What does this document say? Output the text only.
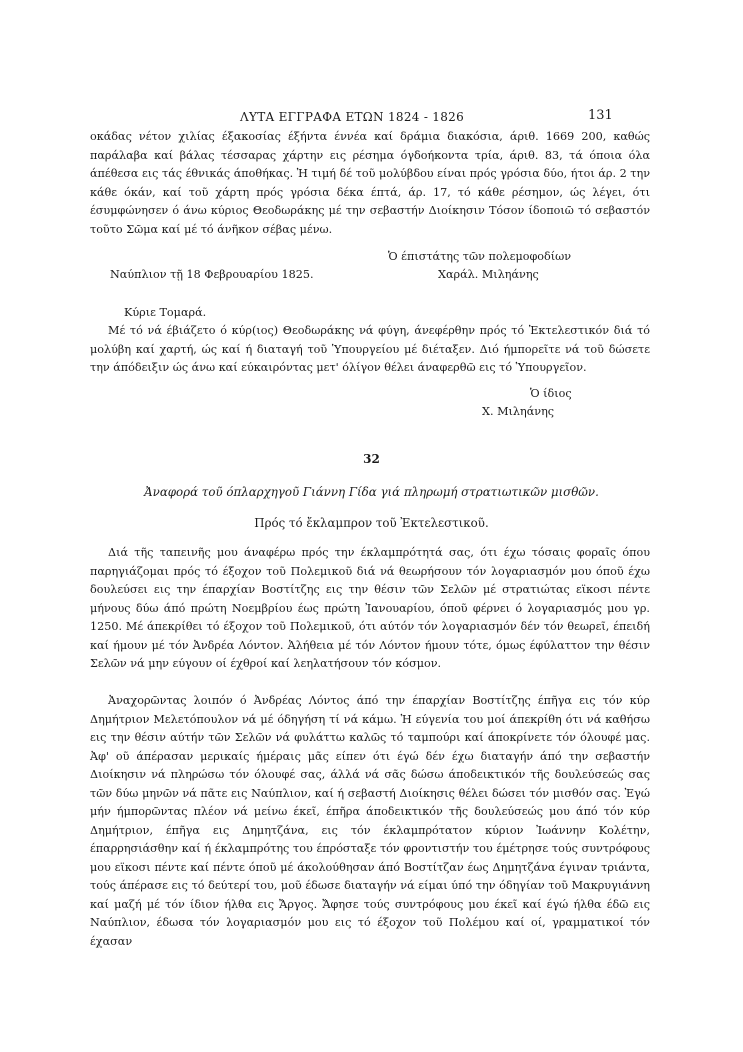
ΛΥΤΑ ΕΓΓΡΑΦΑ ΕΤΩΝ 1824 - 1826	131

οκάδας νέτον χιλίας έξακοσίας έξήντα έννέα καί δράμια διακόσια, άριθ. 1669 200, καθώς παράλαβα καί βάλας τέσσαρας χάρτην εις ρέσημα όγδοήκοντα τρία, άριθ. 83, τά όποια όλα άπέθεσα εις τάς έθνικάς άποθήκας. Ἡ τιμή δέ τοῦ μολύβδου είναι πρός γρόσια δύο, ήτοι άρ. 2 την κάθε όκάν, καί τοῦ χάρτη πρός γρόσια δέκα έπτά, άρ. 17, τό κάθε ρέσημον, ώς λέγει, ότι έσυμφώνησεν ό άνω κύριος Θεοδωράκης μέ την σεβαστήν Διοίκησιν Τόσον ίδοποιῶ τό σεβαστόν τοῦτο Σῶμα καί μέ τό άνῆκον σέβας μένω.

Ὁ έπιστάτης τῶν πολεμοφοδίων
Ναύπλιον τῇ 18 Φεβρουαρίου 1825.	Χαράλ. Μιληάνης
Κύριε Τομαρά.

Μέ τό νά έβιάζετο ό κύρ(ιος) Θεοδωράκης νά φύγη, άνεφέρθην πρός τό Ἐκτελεστικόν διά τό μολύβη καί χαρτή, ώς καί ή διαταγή τοῦ Ὑπουργείου μέ διέταξεν. Διό ήμπορεῖτε νά τοῦ δώσετε την άπόδειξιν ώς άνω καί εύκαιρόντας μετ' όλίγον θέλει άναφερθῶ εις τό Ὑπουργεῖον.

Ὁ ίδιος
Χ. Μιληάνης
32
Ἀναφορά τοῦ όπλαρχηγοῦ Γιάννη Γίδα γιά πληρωμή στρατιωτικῶν μισθῶν.
Πρός τό ἔκλαμπρον τοῦ Ἐκτελεστικοῦ.

Διά τῆς ταπεινῆς μου άναφέρω πρός την έκλαμπρότητά σας, ότι έχω τόσαις φοραῖς όπου παρηγιάζομαι πρός τό έξοχον τοῦ Πολεμικοῦ διά νά θεωρήσουν τόν λογαριασμόν μου όποῦ έχω δουλεύσει εις την έπαρχίαν Βοστίτζης εις την θέσιν τῶν Σελῶν μέ στρατιώτας εϊκοσι πέντε μήνους δύω άπό πρώτη Νοεμβρίου έως πρώτη Ἰανουαρίου, όποῦ φέρνει ό λογαριασμός μου γρ. 1250. Μέ άπεκρίθει τό έξοχον τοῦ Πολεμικοῦ, ότι αύτόν τόν λογαριασμόν δέν τόν θεωρεῖ, έπειδή καί ήμουν μέ τόν Ἀνδρέα Λόντον. Ἀλήθεια μέ τόν Λόντον ήμουν τότε, όμως έφύλαττον την θέσιν Σελῶν νά μην εύγουν οί έχθροί καί λεηλατήσουν τόν κόσμον.

Ἀναχορῶντας λοιπόν ό Ἀνδρέας Λόντος άπό την έπαρχίαν Βοστίτζης έπῆγα εις τόν κύρ Δημήτριον Μελετόπουλον νά μέ όδηγήση τί νά κάμω. Ἡ εύγενία του μοί άπεκρίθη ότι νά καθήσω εις την θέσιν αύτήν τῶν Σελῶν νά φυλάττω καλῶς τό ταμπούρι καί άποκρίνετε τόν όλουφέ μας. Ἀφ' οῦ άπέρασαν μερικαίς ήμέραις μᾶς είπεν ότι έγώ δέν έχω διαταγήν άπό την σεβαστήν Διοίκησιν νά πληρώσω τόν όλουφέ σας, άλλά νά σᾶς δώσω άποδεικτικόν τῆς δουλεύσεώς σας τῶν δύω μηνῶν νά πᾶτε εις Ναύπλιον, καί ή σεβαστή Διοίκησις θέλει δώσει τόν μισθόν σας. Ἐγώ μήν ήμπορῶντας πλέον νά μείνω έκεῖ, έπῆρα άποδεικτικόν τῆς δουλεύσεώς μου άπό τόν κύρ Δημήτριον, έπῆγα εις Δημητζάνα, εις τόν έκλαμπρότατον κύριον Ἰωάννην Κολέτην, έπαρρησιάσθην καί ή έκλαμπρότης του έπρόσταξε τόν φροντιστήν του έμέτρησε τούς συντρόφους μου εϊκοσι πέντε καί πέντε όποῦ μέ άκολούθησαν άπό Βοστίτζαν έως Δημητζάνα έγιναν τριάντα, τούς άπέρασε εις τό δεύτερί του, μοῦ έδωσε διαταγήν νά είμαι ύπό την όδηγίαν τοῦ Μακρυγιάννη καί μαζή μέ τόν ίδιον ήλθα εις Ἄργος. Ἄφησε τούς συντρόφους μου έκεῖ καί έγώ ήλθα έδῶ εις Ναύπλιον, έδωσα τόν λογαριασμόν μου εις τό έξοχον τοῦ Πολέμου καί οί, γραμματικοί τόν έχασαν
